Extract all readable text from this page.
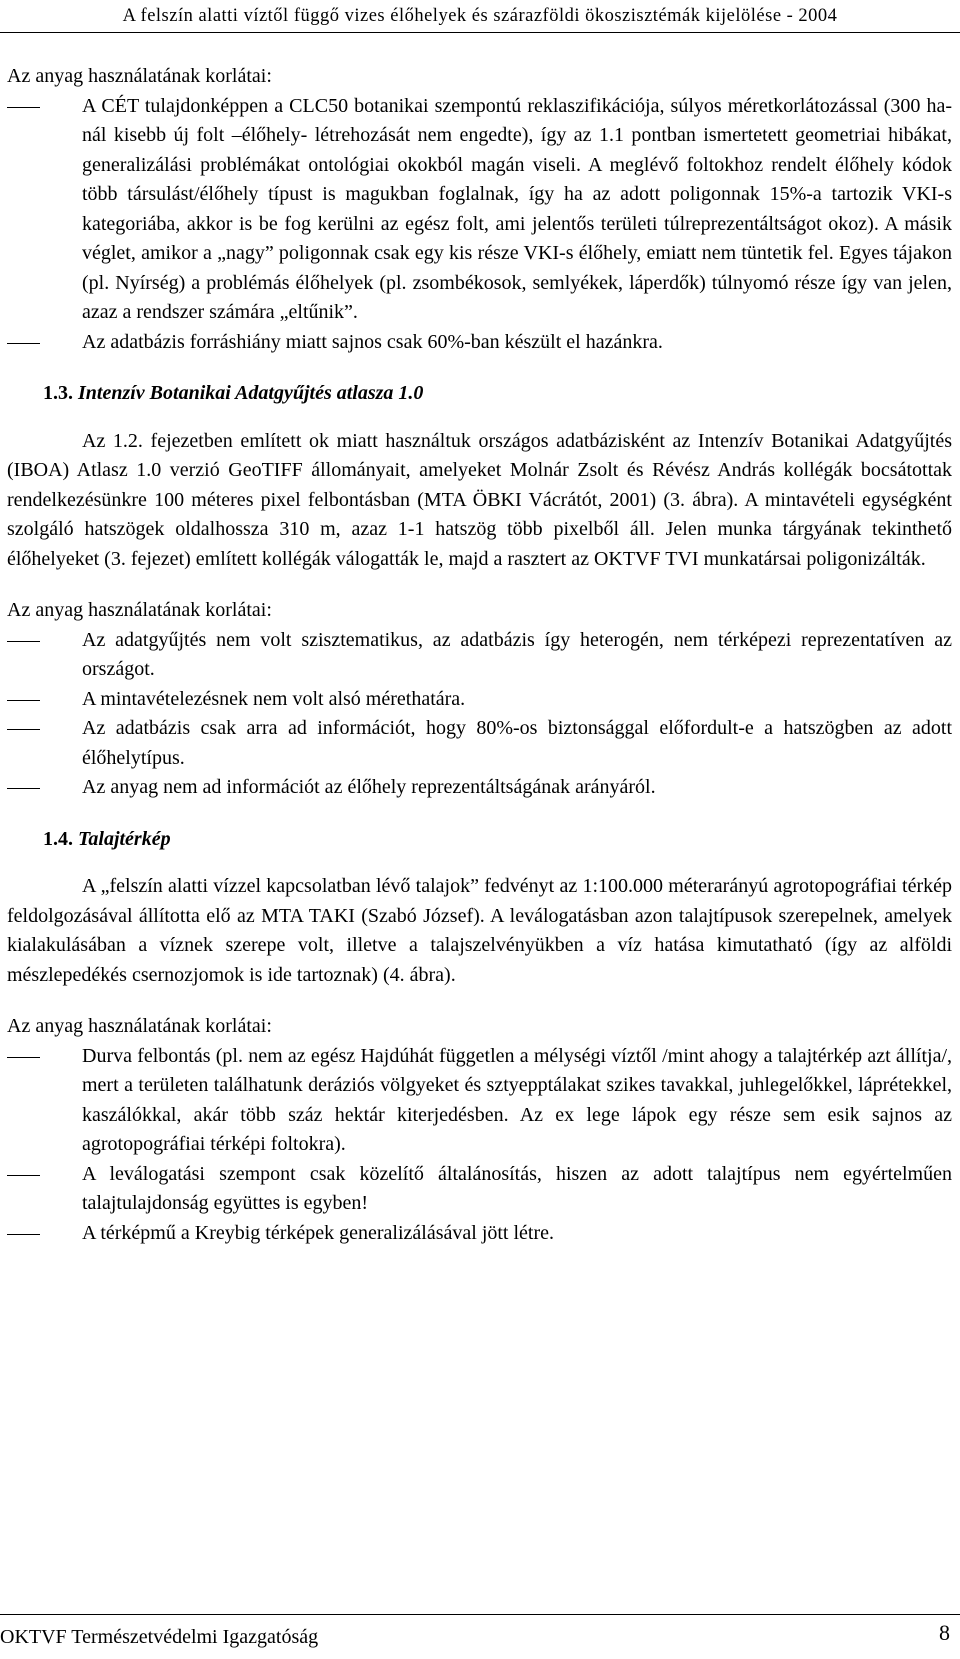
A felszín alatti víztől függő vizes élőhelyek és szárazföldi ökoszisztémák kijelölése - 2004

Az anyag használatának korlátai:

A CÉT tulajdonképpen a CLC50 botanikai szempontú reklaszifikációja, súlyos méretkorlátozással (300 ha-nál kisebb új folt –élőhely- létrehozását nem engedte), így az 1.1 pontban ismertetett geometriai hibákat, generalizálási problémákat ontológiai okokból magán viseli. A meglévő foltokhoz rendelt élőhely kódok több társulást/élőhely típust is magukban foglalnak, így ha az adott poligonnak 15%-a tartozik VKI-s kategoriába, akkor is be fog kerülni az egész folt, ami jelentős területi túlreprezentáltságot okoz). A másik véglet, amikor a „nagy” poligonnak csak egy kis része VKI-s élőhely, emiatt nem tüntetik fel. Egyes tájakon (pl. Nyírség) a problémás élőhelyek (pl. zsombékosok, semlyékek, láperdők) túlnyomó része így van jelen, azaz a rendszer számára „eltűnik”.
Az adatbázis forráshiány miatt sajnos csak 60%-ban készült el hazánkra.
1.3. Intenzív Botanikai Adatgyűjtés atlasza 1.0

Az 1.2. fejezetben említett ok miatt használtuk országos adatbázisként az Intenzív Botanikai Adatgyűjtés (IBOA) Atlasz 1.0 verzió GeoTIFF állományait, amelyeket Molnár Zsolt és Révész András kollégák bocsátottak rendelkezésünkre 100 méteres pixel felbontásban (MTA ÖBKI Vácrátót, 2001) (3. ábra). A mintavételi egységként szolgáló hatszögek oldalhossza 310 m, azaz 1-1 hatszög több pixelből áll. Jelen munka tárgyának tekinthető élőhelyeket (3. fejezet) említett kollégák válogatták le, majd a rasztert az OKTVF TVI munkatársai poligonizálták.

Az anyag használatának korlátai:

Az adatgyűjtés nem volt szisztematikus, az adatbázis így heterogén, nem térképezi reprezentatíven az országot.
A mintavételezésnek nem volt alsó mérethatára.
Az adatbázis csak arra ad információt, hogy 80%-os biztonsággal előfordult-e a hatszögben az adott élőhelytípus.
Az anyag nem ad információt az élőhely reprezentáltságának arányáról.
1.4. Talajtérkép

A „felszín alatti vízzel kapcsolatban lévő talajok” fedvényt az 1:100.000 méterarányú agrotopográfiai térkép feldolgozásával állította elő az MTA TAKI (Szabó József). A leválogatásban azon talajtípusok szerepelnek, amelyek kialakulásában a víznek szerepe volt, illetve a talajszelvényükben a víz hatása kimutatható (így az alföldi mészlepedékés csernozjomok is ide tartoznak) (4. ábra).

Az anyag használatának korlátai:

Durva felbontás (pl. nem az egész Hajdúhát független a mélységi víztől /mint ahogy a talajtérkép azt állítja/, mert a területen találhatunk deráziós völgyeket és sztyepptálakat szikes tavakkal, juhlegelőkkel, láprétekkel, kaszálókkal, akár több száz hektár kiterjedésben. Az ex lege lápok egy része sem esik sajnos az agrotopográfiai térképi foltokra).
A leválogatási szempont csak közelítő általánosítás, hiszen az adott talajtípus nem egyértelműen talajtulajdonság együttes is egyben!
A térképmű a Kreybig térképek generalizálásával jött létre.
OKTVF Természetvédelmi Igazgatóság	8
